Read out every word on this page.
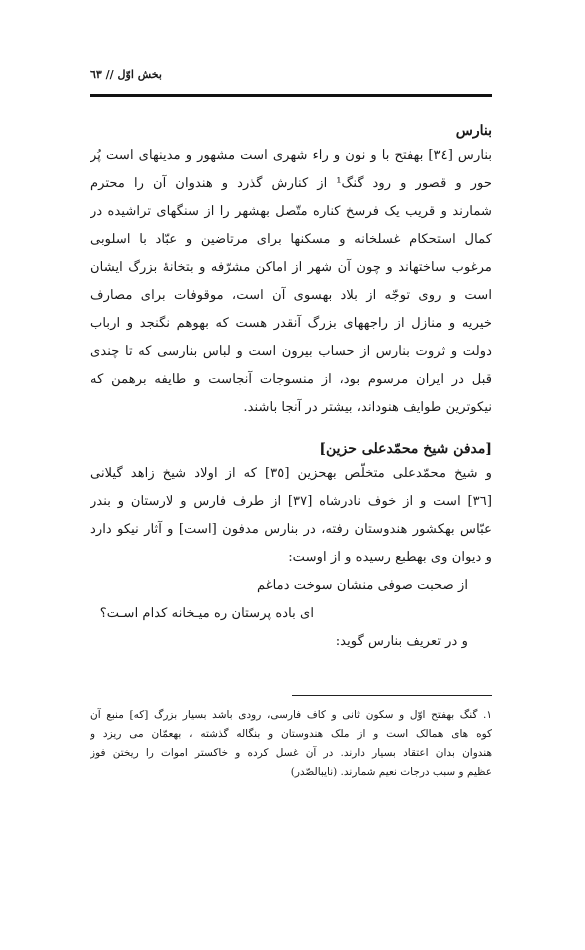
بخش اوّل // ٦٣

بنارس

بنارس [٣٤] بهفتح با و نون و راء شهری است مشهور و مدینهای است پُر
حور و قصور و رود گنگ¹ از کنارش گذرد و هندوان آن را محترم
شمارند و قریب یک فرسخ کناره متّصل بهشهر را از سنگهای تراشیده در
کمال استحکام غسلخانه و مسکنها برای مرتاضین و عبّاد با اسلوبی
مرغوب ساختهاند و چون آن شهر از اماکن مشرّفه و بتخانهٔ بزرگ ایشان
است و روی توجّه از بلاد بهسوی آن است، موقوفات برای مصارف
خیریه و منازل از راجههای بزرگ آنقدر هست که بهوهم نگنجد و ارباب
دولت و ثروت بنارس از حساب بیرون است و لباس بنارسی که تا چندی
قبل در ایران مرسوم بود، از منسوجات آنجاست و طایفه برهمن که
نیکوترین طوایف هنوداند، بیشتر در آنجا باشند.

[مدفن شیخ محمّدعلی حزین]

و شیخ محمّدعلی متخلّص بهحزین [٣٥] که از اولاد شیخ زاهد گیلانی
[٣٦] است و از خوف نادرشاه [٣٧] از طرف فارس و لارستان و بندر
عبّاس بهکشور هندوستان رفته، در بنارس مدفون [است] و آثار نیکو دارد
و دیوان وی بهطبع رسیده و از اوست:

از صحبت صوفی منشان سوخت دماغم

ای باده پرستان ره میـخانه کدام اسـت؟

و در تعریف بنارس گوید:

١. گنگ بهفتح اوّل و سکون ثانی و کاف فارسی، رودی باشد بسیار بزرگ [که] منبع آن
کوه های همالک است و از ملک هندوستان و بنگاله گذشته ، بهعمّان می ریزد و
هندوان بدان اعتقاد بسیار دارند. در آن غسل کرده و خاکستر اموات را ریختن فوز
عظیم و سبب درجات نعیم شمارند. (نایبالصّدر)
